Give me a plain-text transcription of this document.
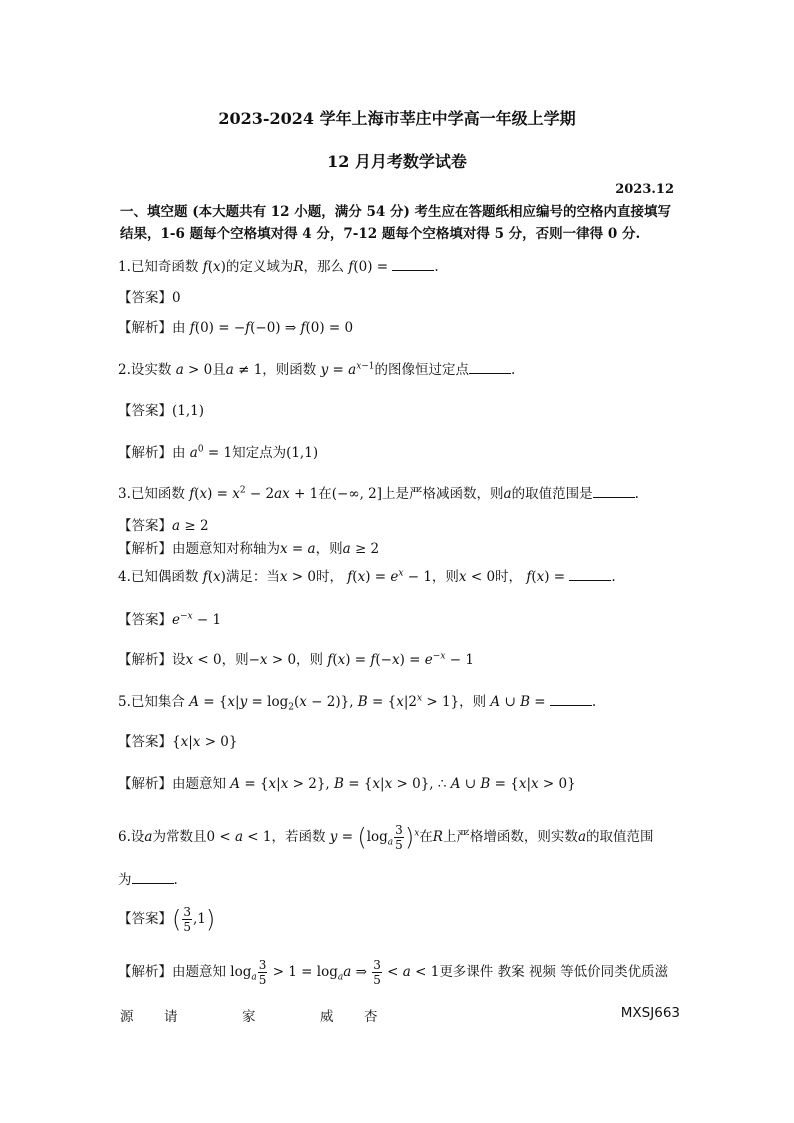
2023-2024 学年上海市莘庄中学高一年级上学期
12 月月考数学试卷
2023.12
一、填空题 (本大题共有 12 小题，满分 54 分) 考生应在答题纸相应编号的空格内直接填写结果，1-6 题每个空格填对得 4 分，7-12 题每个空格填对得 5 分，否则一律得 0 分.
1.已知奇函数 f(x)的定义域为R，那么 f(0) =	.
【答案】0
【解析】由 f(0) = −f(−0) ⇒ f(0) = 0
2.设实数 a > 0且a ≠ 1，则函数 $y = a^{x-1}$的图像恒过定点	.
【答案】(1,1)
【解析】由 $a^0 = 1$知定点为(1,1)
3.已知函数 $f(x) = x^2 - 2ax + 1$在(−∞, 2]上是严格减函数，则a的取值范围是	.
【答案】a ≥ 2
【解析】由题意知对称轴为x = a，则a ≥ 2
4.已知偶函数 f(x)满足：当x > 0时， $f(x) = e^x - 1$，则x < 0时， f(x) =	.
【答案】$e^{-x} - 1$
【解析】设x < 0，则−x > 0，则 $f(x) = f(-x) = e^{-x} - 1$
5.已知集合 $A = \{x|y = \log_2(x - 2)\}$, $B = \{x|2^x > 1\}$，则 A ∪ B =	.
【答案】{x|x > 0}
【解析】由题意知 A = {x|x > 2}, B = {x|x > 0}, ∴ A ∪ B = {x|x > 0}
6.设a为常数且0 < a < 1，若函数 $y = (\log_a \frac{3}{5} )^x$在R上严格增函数，则实数a的取值范围
为	.
【答案】( $\frac{3}{5} ,1$)
【解析】由题意知 $\log_a \frac{3}{5} > 1 = \log_aa$ ⇒ $\frac{3}{5} < a < 1$更多课件 教案 视频 等低价同类优质滋
源 请	家	威 杏	MXSJ663
